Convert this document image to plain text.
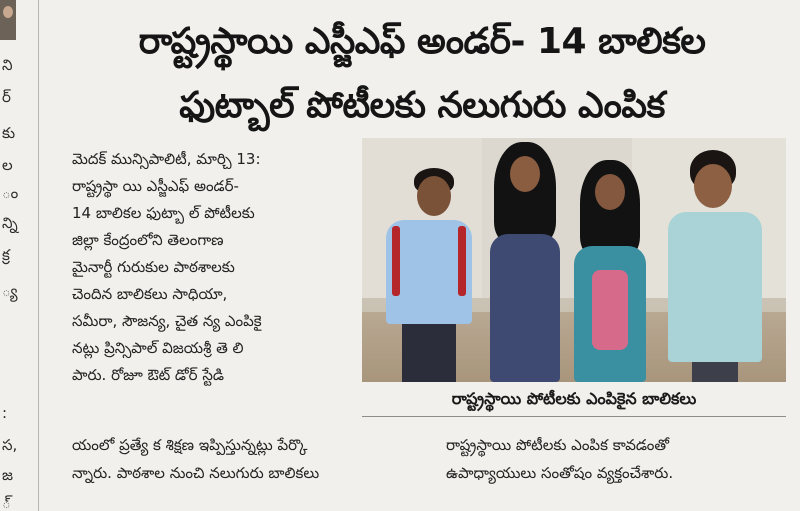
ని
ర్
కు
ల
ం
న్ని
క్ర
్య
:
స,
జ
్
రాష్ట్రస్థాయి ఎస్జీఎఫ్ అండర్- 14 బాలికల
ఫుట్బాల్ పోటీలకు నలుగురు ఎంపిక
మెదక్ మున్సిపాలిటీ, మార్చి 13:
రాష్ట్రస్థా యి ఎస్జీఎఫ్ అండర్-
14 బాలికల ఫుట్బా ల్ పోటీలకు
జిల్లా కేంద్రంలోని తెలంగాణ
మైనార్టీ గురుకుల పాఠశాలకు
చెందిన బాలికలు సాధియా,
సమీరా, సౌజన్య, చైత న్య ఎంపికై
నట్లు ప్రిన్సిపాల్ విజయశ్రీ తె లి
పారు. రోజూ ఔట్ డోర్ స్టేడి
యంలో ప్రత్యే క శిక్షణ ఇప్పిస్తున్నట్లు పేర్కొ
న్నారు. పాఠశాల నుంచి నలుగురు బాలికలు
రాష్ట్రస్థాయి పోటీలకు ఎంపిక కావడంతో
ఉపాధ్యాయులు సంతోషం వ్యక్తంచేశారు.
రాష్ట్రస్థాయి పోటీలకు ఎంపికైన బాలికలు
